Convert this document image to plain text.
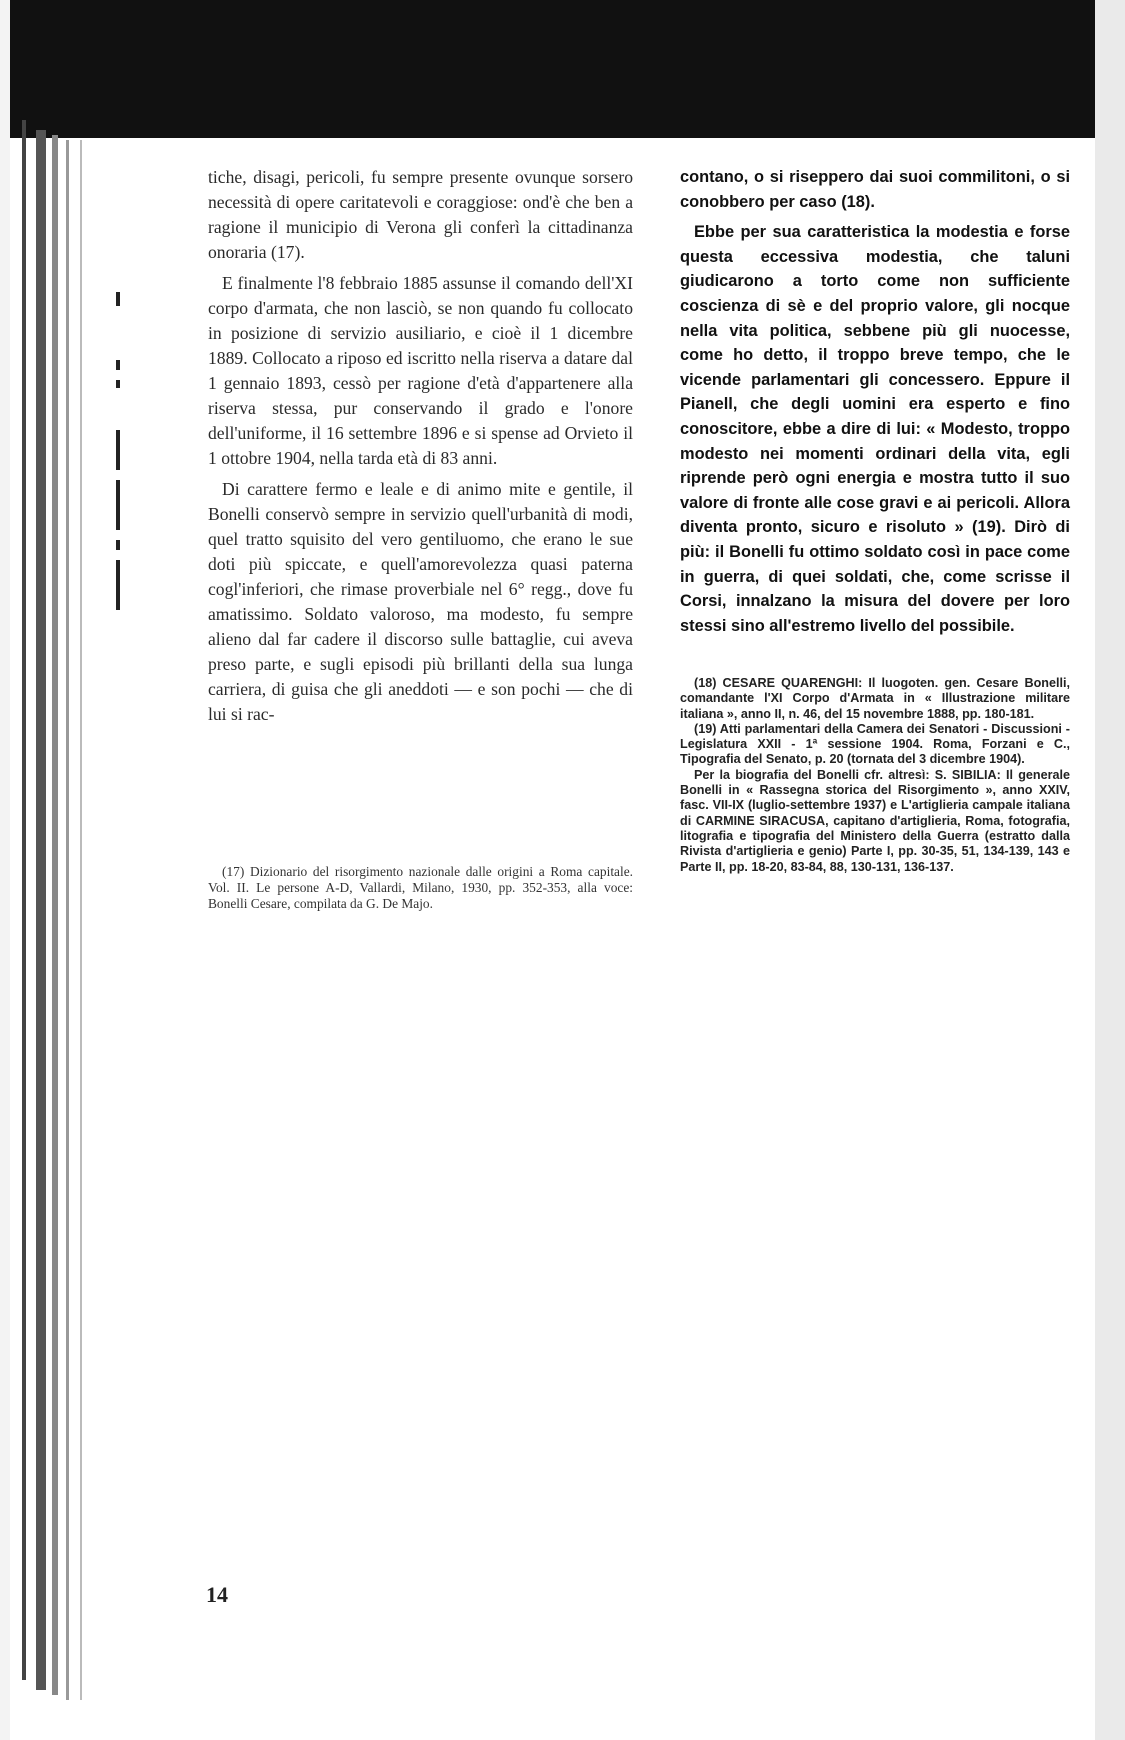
tiche, disagi, pericoli, fu sempre presente ovunque sorsero necessità di opere caritatevoli e coraggiose: ond'è che ben a ragione il municipio di Verona gli conferì la cittadinanza onoraria (17).

E finalmente l'8 febbraio 1885 assunse il comando dell'XI corpo d'armata, che non lasciò, se non quando fu collocato in posizione di servizio ausiliario, e cioè il 1 dicembre 1889. Collocato a riposo ed iscritto nella riserva a datare dal 1 gennaio 1893, cessò per ragione d'età d'appartenere alla riserva stessa, pur conservando il grado e l'onore dell'uniforme, il 16 settembre 1896 e si spense ad Orvieto il 1 ottobre 1904, nella tarda età di 83 anni.

Di carattere fermo e leale e di animo mite e gentile, il Bonelli conservò sempre in servizio quell'urbanità di modi, quel tratto squisito del vero gentiluomo, che erano le sue doti più spiccate, e quell'amorevolezza quasi paterna cogl'inferiori, che rimase proverbiale nel 6° regg., dove fu amatissimo. Soldato valoroso, ma modesto, fu sempre alieno dal far cadere il discorso sulle battaglie, cui aveva preso parte, e sugli episodi più brillanti della sua lunga carriera, di guisa che gli aneddoti — e son pochi — che di lui si rac-

(17) Dizionario del risorgimento nazionale dalle origini a Roma capitale. Vol. II. Le persone A-D, Vallardi, Milano, 1930, pp. 352-353, alla voce: Bonelli Cesare, compilata da G. De Majo.

contano, o si riseppero dai suoi commilitoni, o si conobbero per caso (18).

Ebbe per sua caratteristica la modestia e forse questa eccessiva modestia, che taluni giudicarono a torto come non sufficiente coscienza di sè e del proprio valore, gli nocque nella vita politica, sebbene più gli nuocesse, come ho detto, il troppo breve tempo, che le vicende parlamentari gli concessero. Eppure il Pianell, che degli uomini era esperto e fino conoscitore, ebbe a dire di lui: « Modesto, troppo modesto nei momenti ordinari della vita, egli riprende però ogni energia e mostra tutto il suo valore di fronte alle cose gravi e ai pericoli. Allora diventa pronto, sicuro e risoluto » (19). Dirò di più: il Bonelli fu ottimo soldato così in pace come in guerra, di quei soldati, che, come scrisse il Corsi, innalzano la misura del dovere per loro stessi sino all'estremo livello del possibile.

(18) CESARE QUARENGHI: Il luogoten. gen. Cesare Bonelli, comandante l'XI Corpo d'Armata in « Illustrazione militare italiana », anno II, n. 46, del 15 novembre 1888, pp. 180-181.

(19) Atti parlamentari della Camera dei Senatori - Discussioni - Legislatura XXII - 1ª sessione 1904. Roma, Forzani e C., Tipografia del Senato, p. 20 (tornata del 3 dicembre 1904).

Per la biografia del Bonelli cfr. altresì: S. SIBILIA: Il generale Bonelli in « Rassegna storica del Risorgimento », anno XXIV, fasc. VII-IX (luglio-settembre 1937) e L'artiglieria campale italiana di CARMINE SIRACUSA, capitano d'artiglieria, Roma, fotografia, litografia e tipografia del Ministero della Guerra (estratto dalla Rivista d'artiglieria e genio) Parte I, pp. 30-35, 51, 134-139, 143 e Parte II, pp. 18-20, 83-84, 88, 130-131, 136-137.

14
